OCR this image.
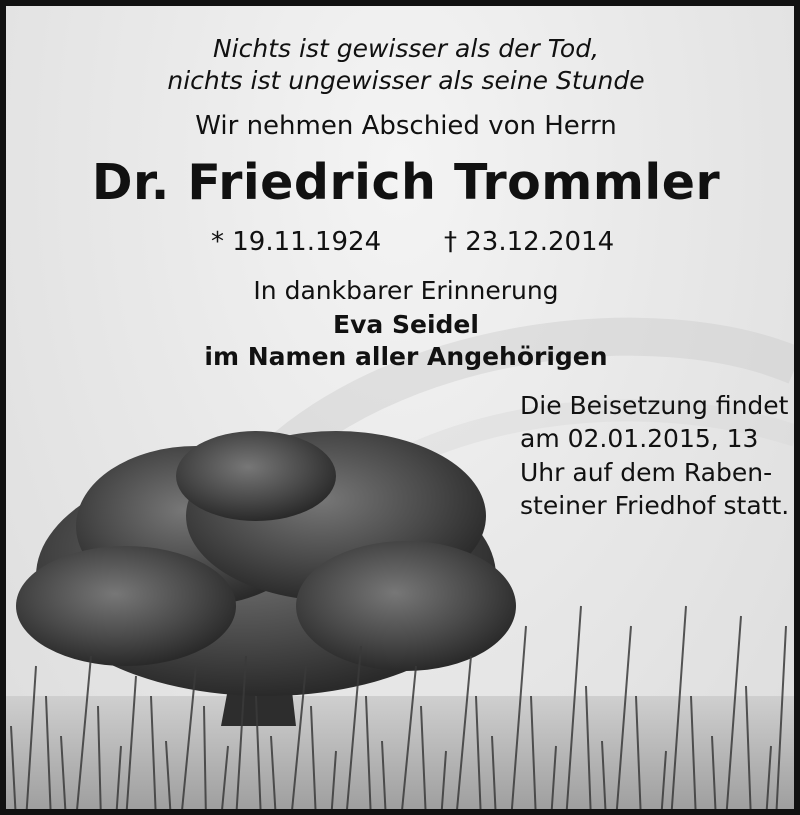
Nichts ist gewisser als der Tod,

nichts ist ungewisser als seine Stunde

Wir nehmen Abschied von Herrn

Dr. Friedrich Trommler

* 19.11.1924 † 23.12.2014

In dankbarer Erinnerung

Eva Seidel

im Namen aller Angehörigen

Die Beisetzung findet
am 02.01.2015, 13
Uhr auf dem Raben-
steiner Friedhof statt.
